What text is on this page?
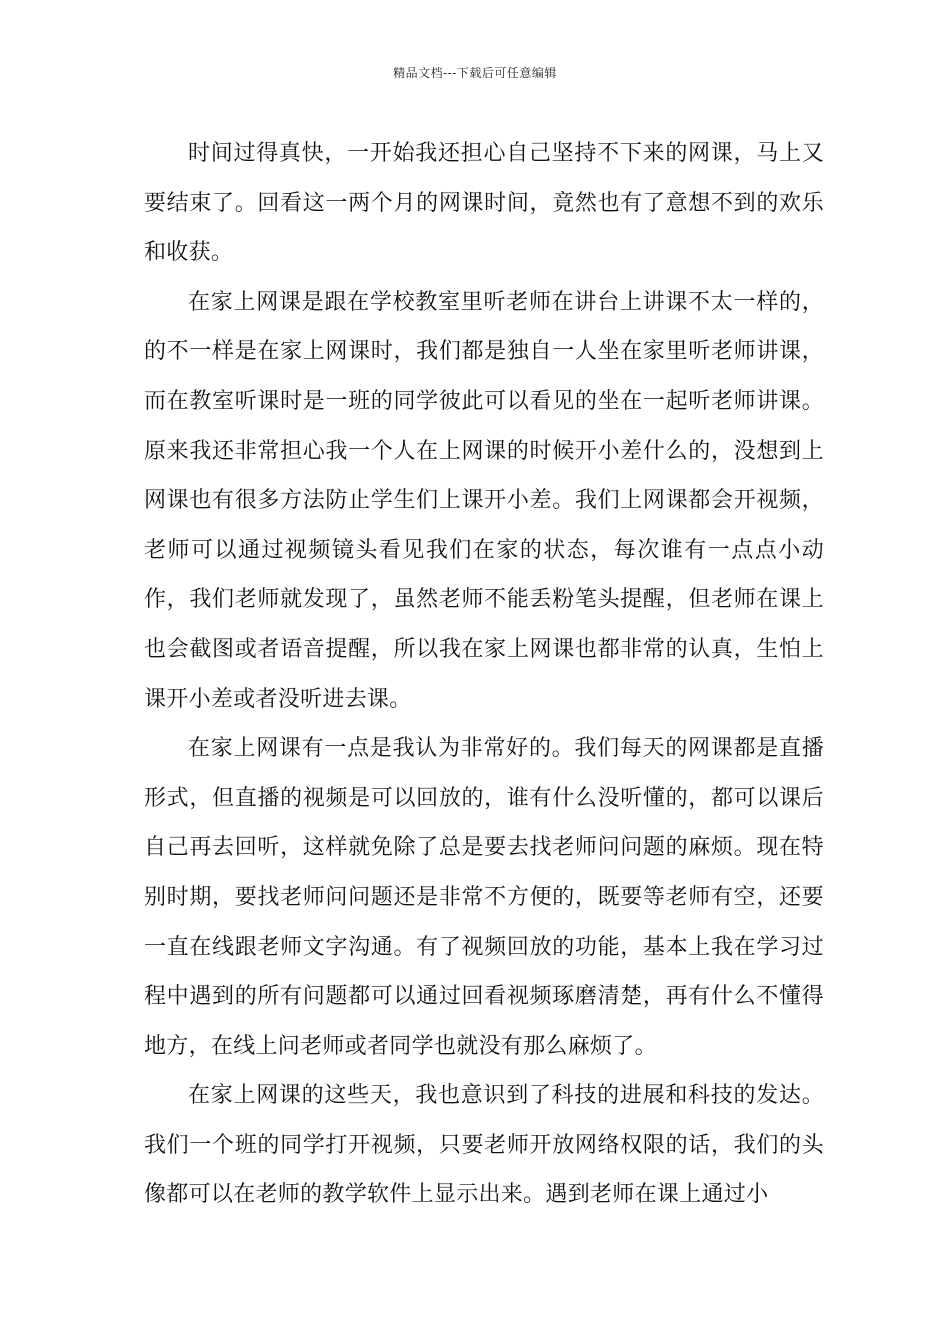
精品文档---下载后可任意编辑

时间过得真快，一开始我还担心自己坚持不下来的网课，马上又要结束了。回看这一两个月的网课时间，竟然也有了意想不到的欢乐和收获。

在家上网课是跟在学校教室里听老师在讲台上讲课不太一样的，的不一样是在家上网课时，我们都是独自一人坐在家里听老师讲课，而在教室听课时是一班的同学彼此可以看见的坐在一起听老师讲课。原来我还非常担心我一个人在上网课的时候开小差什么的，没想到上网课也有很多方法防止学生们上课开小差。我们上网课都会开视频，老师可以通过视频镜头看见我们在家的状态，每次谁有一点点小动作，我们老师就发现了，虽然老师不能丢粉笔头提醒，但老师在课上也会截图或者语音提醒，所以我在家上网课也都非常的认真，生怕上课开小差或者没听进去课。

在家上网课有一点是我认为非常好的。我们每天的网课都是直播形式，但直播的视频是可以回放的，谁有什么没听懂的，都可以课后自己再去回听，这样就免除了总是要去找老师问问题的麻烦。现在特别时期，要找老师问问题还是非常不方便的，既要等老师有空，还要一直在线跟老师文字沟通。有了视频回放的功能，基本上我在学习过程中遇到的所有问题都可以通过回看视频琢磨清楚，再有什么不懂得地方，在线上问老师或者同学也就没有那么麻烦了。

在家上网课的这些天，我也意识到了科技的进展和科技的发达。我们一个班的同学打开视频，只要老师开放网络权限的话，我们的头像都可以在老师的教学软件上显示出来。遇到老师在课上通过小
